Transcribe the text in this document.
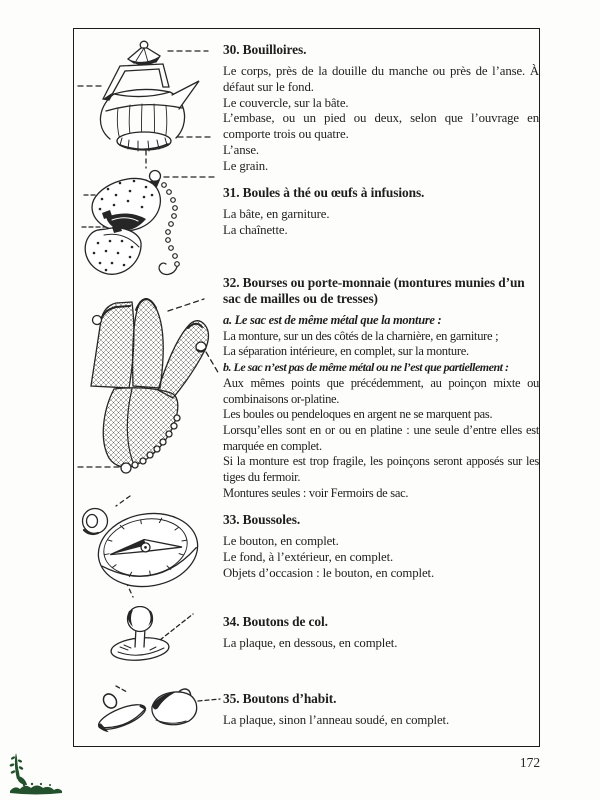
30. Bouilloires.

Le corps, près de la douille du manche ou près de l’anse. À défaut sur le fond.

Le couvercle, sur la bâte.

L’embase, ou un pied ou deux, selon que l’ouvrage en comporte trois ou quatre.

L’anse.

Le grain.

31. Boules à thé ou œufs à infusions.

La bâte, en garniture.

La chaînette.

32. Bourses ou porte-monnaie (montures munies d’un sac de mailles ou de tresses)

a. Le sac est de même métal que la monture :

La monture, sur un des côtés de la charnière, en garniture ;

La séparation intérieure, en complet, sur la monture.

b. Le sac n’est pas de même métal ou ne l’est que partiellement :

Aux mêmes points que précédemment, au poinçon mixte ou combinaisons or-platine.

Les boules ou pendeloques en argent ne se marquent pas.

Lorsqu’elles sont en or ou en platine : une seule d’entre elles est marquée en complet.

Si la monture est trop fragile, les poinçons seront apposés sur les tiges du fermoir.

Montures seules : voir Fermoirs de sac.

33. Boussoles.

Le bouton, en complet.

Le fond, à l’extérieur, en complet.

Objets d’occasion : le bouton, en complet.

34. Boutons de col.

La plaque, en dessous, en complet.

35. Boutons d’habit.

La plaque, sinon l’anneau soudé, en complet.

172
